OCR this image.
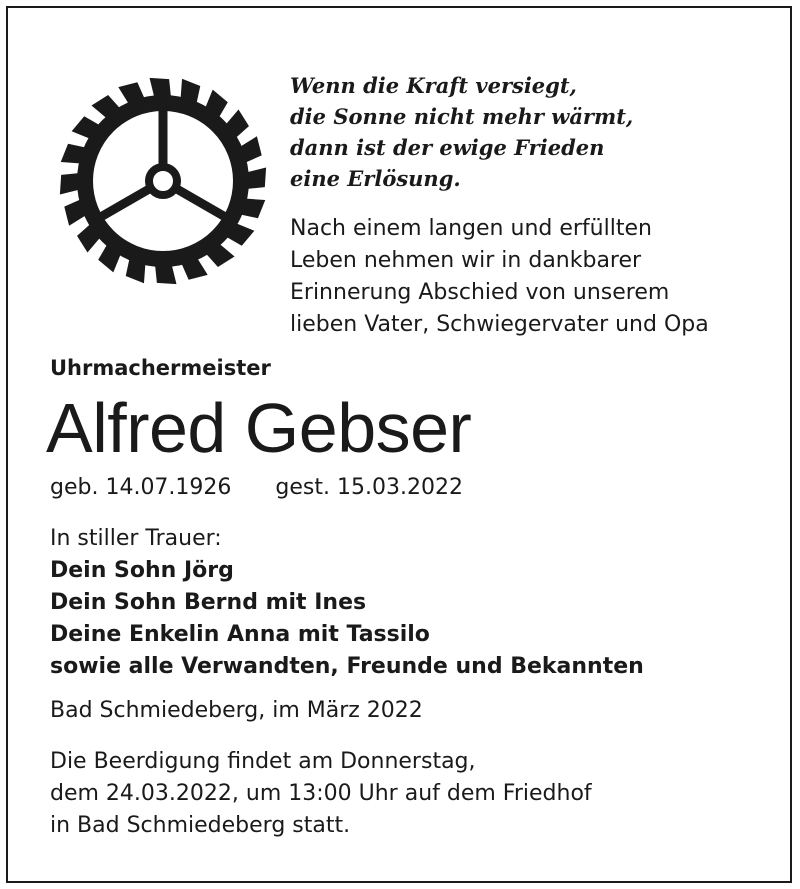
Wenn die Kraft versiegt,
die Sonne nicht mehr wärmt,
dann ist der ewige Frieden
eine Erlösung.
Nach einem langen und erfüllten
Leben nehmen wir in dankbarer
Erinnerung Abschied von unserem
lieben Vater, Schwiegervater und Opa
Uhrmachermeister
Alfred Gebser
geb. 14.07.1926 gest. 15.03.2022
In stiller Trauer:
Dein Sohn Jörg
Dein Sohn Bernd mit Ines
Deine Enkelin Anna mit Tassilo
sowie alle Verwandten, Freunde und Bekannten
Bad Schmiedeberg, im März 2022
Die Beerdigung findet am Donnerstag,
dem 24.03.2022, um 13:00 Uhr auf dem Friedhof
in Bad Schmiedeberg statt.
